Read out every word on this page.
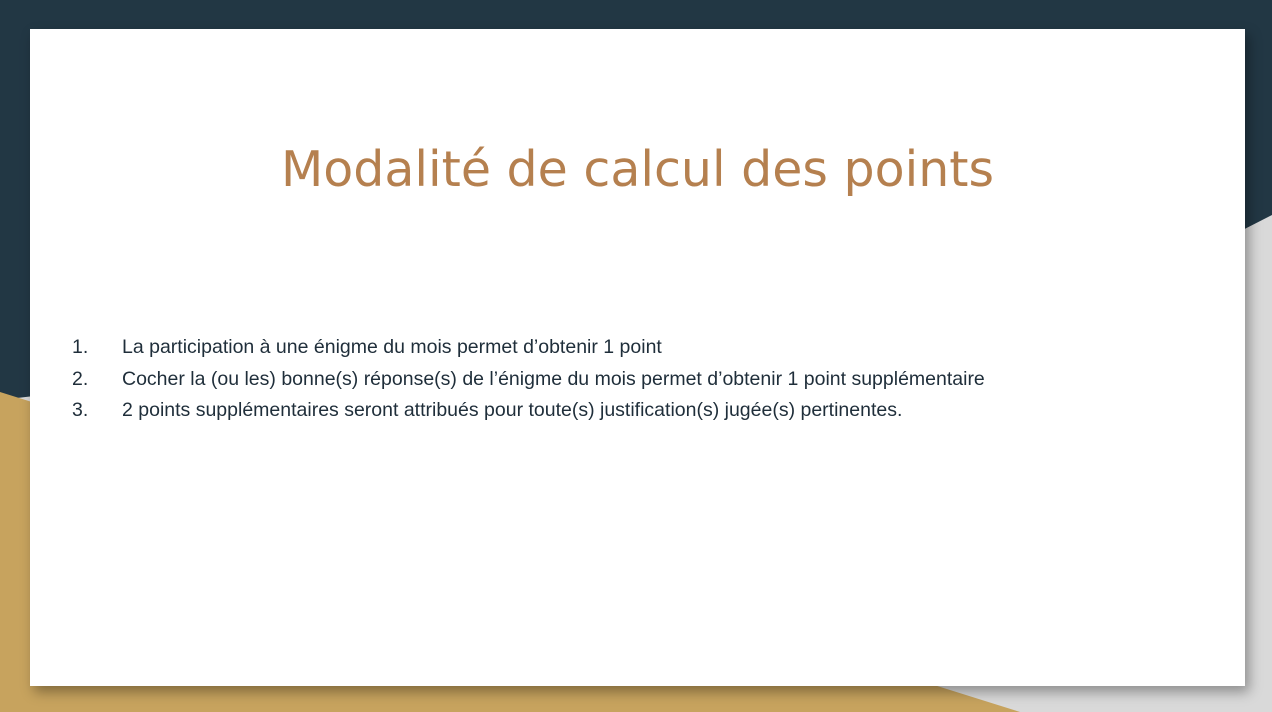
Modalité de calcul des points
1.	La participation à une énigme du mois permet d’obtenir 1 point
2.	Cocher la (ou les) bonne(s) réponse(s) de l’énigme du mois permet d’obtenir 1 point supplémentaire
3.	2 points supplémentaires seront attribués pour toute(s) justification(s) jugée(s) pertinentes.
